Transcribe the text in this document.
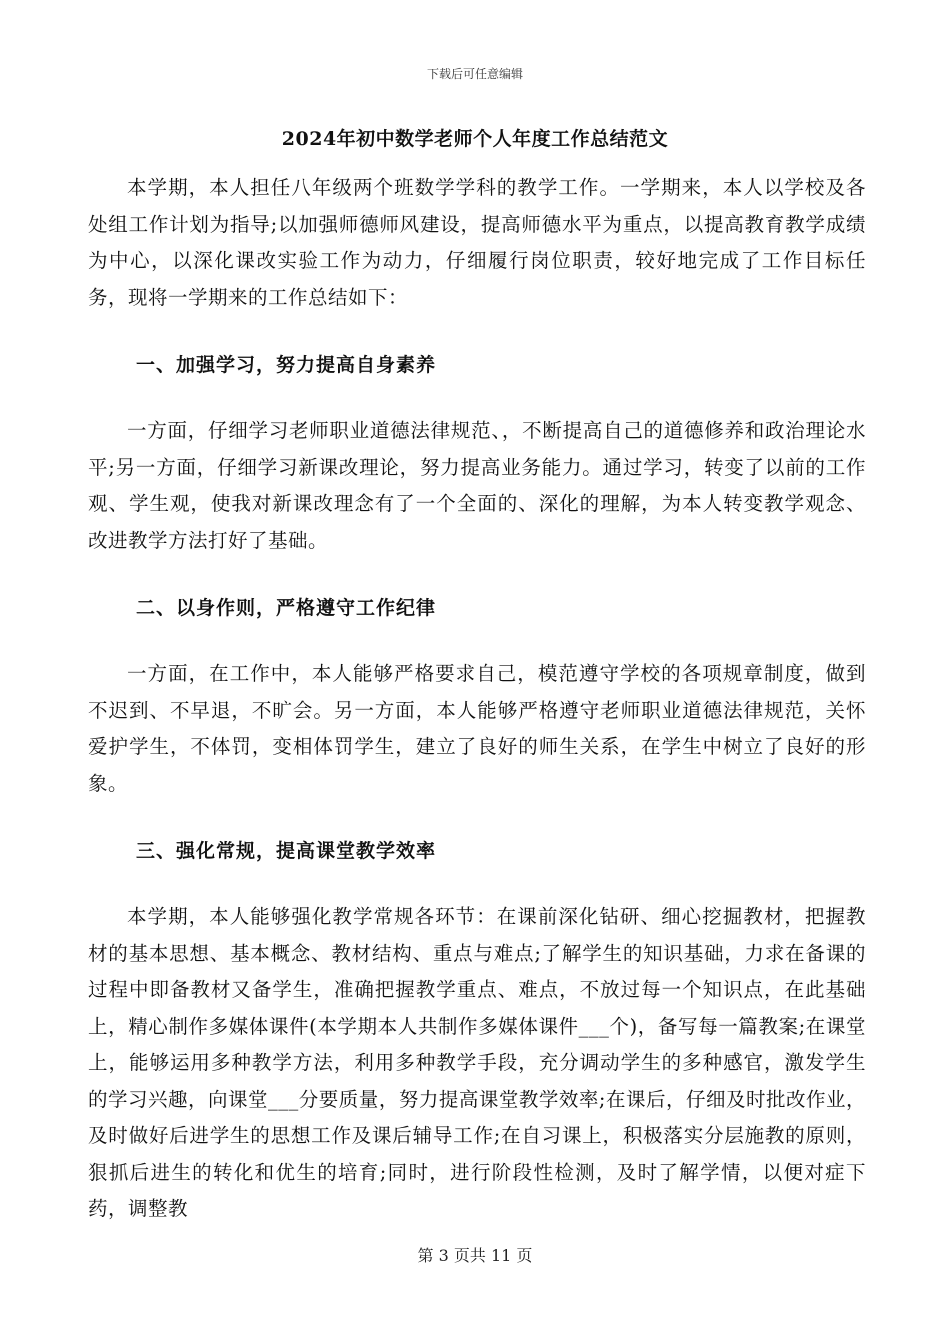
下载后可任意编辑
2024年初中数学老师个人年度工作总结范文

本学期，本人担任八年级两个班数学学科的教学工作。一学期来，本人以学校及各处组工作计划为指导;以加强师德师风建设，提高师德水平为重点，以提高教育教学成绩为中心，以深化课改实验工作为动力，仔细履行岗位职责，较好地完成了工作目标任务，现将一学期来的工作总结如下：

一、加强学习，努力提高自身素养

一方面，仔细学习老师职业道德法律规范、，不断提高自己的道德修养和政治理论水平;另一方面，仔细学习新课改理论，努力提高业务能力。通过学习，转变了以前的工作观、学生观，使我对新课改理念有了一个全面的、深化的理解，为本人转变教学观念、改进教学方法打好了基础。

二、以身作则，严格遵守工作纪律

一方面，在工作中，本人能够严格要求自己，模范遵守学校的各项规章制度，做到不迟到、不早退，不旷会。另一方面，本人能够严格遵守老师职业道德法律规范，关怀爱护学生，不体罚，变相体罚学生，建立了良好的师生关系，在学生中树立了良好的形象。

三、强化常规，提高课堂教学效率

本学期，本人能够强化教学常规各环节：在课前深化钻研、细心挖掘教材，把握教材的基本思想、基本概念、教材结构、重点与难点;了解学生的知识基础，力求在备课的过程中即备教材又备学生，准确把握教学重点、难点，不放过每一个知识点，在此基础上，精心制作多媒体课件(本学期本人共制作多媒体课件___个)，备写每一篇教案;在课堂上，能够运用多种教学方法，利用多种教学手段，充分调动学生的多种感官，激发学生的学习兴趣，向课堂___分要质量，努力提高课堂教学效率;在课后，仔细及时批改作业，及时做好后进学生的思想工作及课后辅导工作;在自习课上，积极落实分层施教的原则，狠抓后进生的转化和优生的培育;同时，进行阶段性检测，及时了解学情，以便对症下药，调整教

第 3 页共 11 页
